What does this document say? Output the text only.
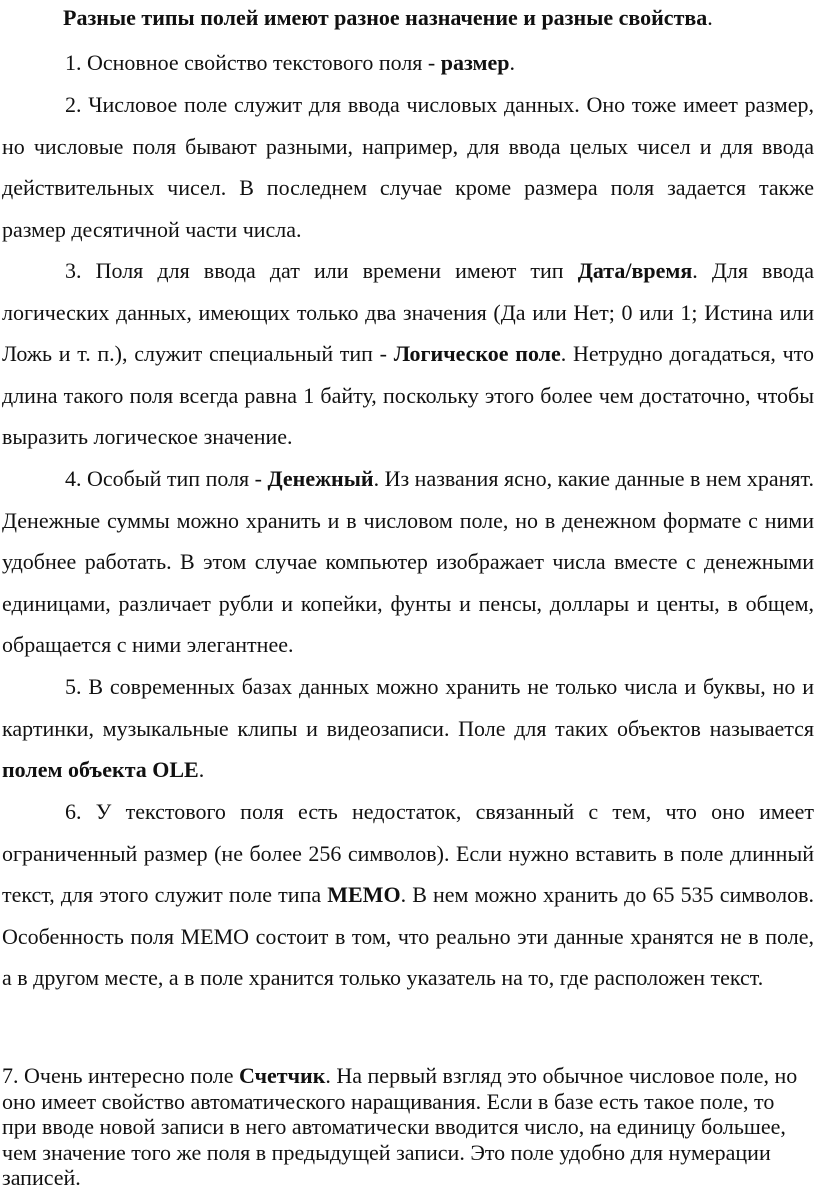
Разные типы полей имеют разное назначение и разные свойства.

1. Основное свойство текстового поля - размер.

2. Числовое поле служит для ввода числовых данных. Оно тоже имеет размер, но числовые поля бывают разными, например, для ввода целых чисел и для ввода действительных чисел. В последнем случае кроме размера поля задается также размер десятичной части числа.

3. Поля для ввода дат или времени имеют тип Дата/время. Для ввода логических данных, имеющих только два значения (Да или Нет; 0 или 1; Истина или Ложь и т. п.), служит специальный тип - Логическое поле. Нетрудно догадаться, что длина такого поля всегда равна 1 байту, поскольку этого более чем достаточно, чтобы выразить логическое значение.

4. Особый тип поля - Денежный. Из названия ясно, какие данные в нем хранят. Денежные суммы можно хранить и в числовом поле, но в денежном формате с ними удобнее работать. В этом случае компьютер изображает числа вместе с денежными единицами, различает рубли и копейки, фунты и пенсы, доллары и центы, в общем, обращается с ними элегантнее.

5. В современных базах данных можно хранить не только числа и буквы, но и картинки, музыкальные клипы и видеозаписи. Поле для таких объектов называется полем объекта OLE.

6. У текстового поля есть недостаток, связанный с тем, что оно имеет ограниченный размер (не более 256 символов). Если нужно вставить в поле длинный текст, для этого служит поле типа MEMO. В нем можно хранить до 65 535 символов. Особенность поля MEMO состоит в том, что реально эти данные хранятся не в поле, а в другом месте, а в поле хранится только указатель на то, где расположен текст.

7. Очень интересно поле Счетчик. На первый взгляд это обычное числовое поле, но оно имеет свойство автоматического наращивания. Если в базе есть такое поле, то при вводе новой записи в него автоматически вводится число, на единицу большее, чем значение того же поля в предыдущей записи. Это поле удобно для нумерации записей.
